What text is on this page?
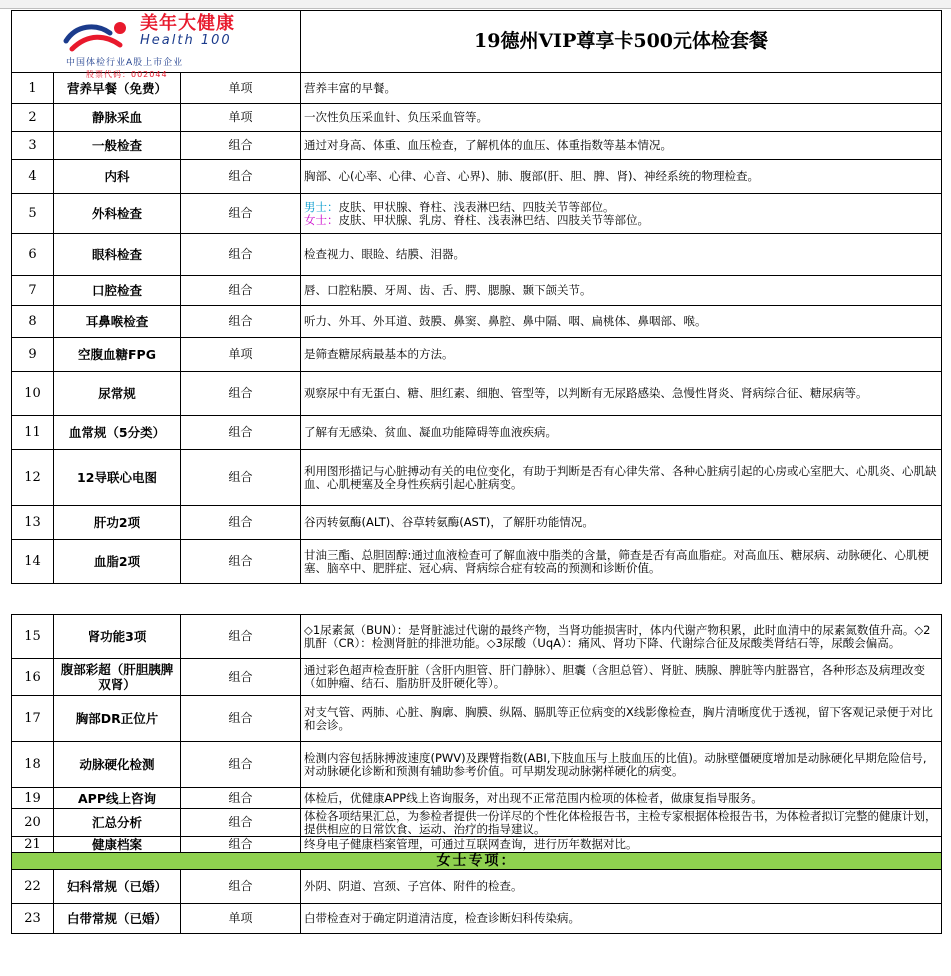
美年大健康
Health 100
中国体检行业A股上市企业
股票代码：002044			19德州VIP尊享卡500元体检套餐
1	营养早餐（免费）	单项	营养丰富的早餐。
2	静脉采血	单项	一次性负压采血针、负压采血管等。
3	一般检查	组合	通过对身高、体重、血压检查，了解机体的血压、体重指数等基本情况。
4	内科	组合	胸部、心(心率、心律、心音、心界)、肺、腹部(肝、胆、脾、肾)、神经系统的物理检查。
5	外科检查	组合	男士：皮肤、甲状腺、脊柱、浅表淋巴结、四肢关节等部位。
女士：皮肤、甲状腺、乳房、脊柱、浅表淋巴结、四肢关节等部位。

6	眼科检查	组合	检查视力、眼睑、结膜、泪器。
7	口腔检查	组合	唇、口腔粘膜、牙周、齿、舌、腭、腮腺、颞下颌关节。
8	耳鼻喉检查	组合	听力、外耳、外耳道、鼓膜、鼻窦、鼻腔、鼻中隔、咽、扁桃体、鼻咽部、喉。
9	空腹血糖FPG	单项	是筛查糖尿病最基本的方法。
10	尿常规	组合	观察尿中有无蛋白、糖、胆红素、细胞、管型等，以判断有无尿路感染、急慢性肾炎、肾病综合征、糖尿病等。
11	血常规（5分类）	组合	了解有无感染、贫血、凝血功能障碍等血液疾病。
12	12导联心电图	组合	利用图形描记与心脏搏动有关的电位变化，有助于判断是否有心律失常、各种心脏病引起的心房或心室肥大、心肌炎、心肌缺血、心肌梗塞及全身性疾病引起心脏病变。
13	肝功2项	组合	谷丙转氨酶(ALT)、谷草转氨酶(AST)，了解肝功能情况。
14	血脂2项	组合	甘油三酯、总胆固醇:通过血液检查可了解血液中脂类的含量，筛查是否有高血脂症。对高血压、糖尿病、动脉硬化、心肌梗塞、脑卒中、肥胖症、冠心病、肾病综合症有较高的预测和诊断价值。
15	肾功能3项	组合	◇1尿素氮（BUN）：是肾脏滤过代谢的最终产物，当肾功能损害时，体内代谢产物积累，此时血清中的尿素氮数值升高。◇2肌酐（CR）：检测肾脏的排泄功能。◇3尿酸（UqA）：痛风、肾功下降、代谢综合征及尿酸类肾结石等，尿酸会偏高。
16	腹部彩超（肝胆胰脾双肾）	组合	通过彩色超声检查肝脏（含肝内胆管、肝门静脉）、胆囊（含胆总管）、肾脏、胰腺、脾脏等内脏器官，各种形态及病理改变（如肿瘤、结石、脂肪肝及肝硬化等）。
17	胸部DR正位片	组合	对支气管、两肺、心脏、胸廓、胸膜、纵隔、膈肌等正位病变的X线影像检查，胸片清晰度优于透视，留下客观记录便于对比和会诊。
18	动脉硬化检测	组合	检测内容包括脉搏波速度(PWV)及踝臂指数(ABI,下肢血压与上肢血压的比值)。动脉壁僵硬度增加是动脉硬化早期危险信号,对动脉硬化诊断和预测有辅助参考价值。可早期发现动脉粥样硬化的病变。
19	APP线上咨询	组合	体检后，优健康APP线上咨询服务，对出现不正常范围内检项的体检者，做康复指导服务。
20	汇总分析	组合	体检各项结果汇总，为参检者提供一份详尽的个性化体检报告书，主检专家根据体检报告书，为体检者拟订完整的健康计划，提供相应的日常饮食、运动、治疗的指导建议。
21	健康档案	组合	终身电子健康档案管理，可通过互联网查询，进行历年数据对比。
女士专项：			
22	妇科常规（已婚）	组合	外阴、阴道、宫颈、子宫体、附件的检查。
23	白带常规（已婚）	单项	白带检查对于确定阴道清洁度，检查诊断妇科传染病。
